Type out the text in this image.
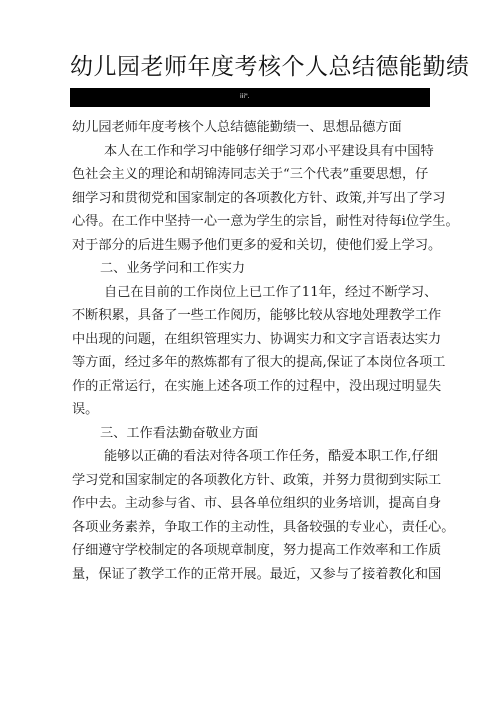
幼儿园老师年度考核个人总结德能勤绩
iii".
幼儿园老师年度考核个人总结德能勤绩一、思想品德方面
本人在工作和学习中能够仔细学习邓小平建设具有中国特
色社会主义的理论和胡锦涛同志关于“三个代表”重要思想，仔
细学习和贯彻党和国家制定的各项教化方针、政策,并写出了学习
心得。在工作中坚持一心一意为学生的宗旨，耐性对待每i位学生。
对于部分的后进生赐予他们更多的爱和关切，使他们爱上学习。
二、业务学问和工作实力
自己在目前的工作岗位上已工作了11年，经过不断学习、
不断积累，具备了一些工作阅历，能够比较从容地处理教学工作
中出现的问题，在组织管理实力、协调实力和文字言语表达实力
等方面，经过多年的熬炼都有了很大的提高,保证了本岗位各项工
作的正常运行，在实施上述各项工作的过程中，没出现过明显失
误。
三、工作看法勤奋敬业方面
能够以正确的看法对待各项工作任务，酷爱本职工作,仔细
学习党和国家制定的各项教化方针、政策，并努力贯彻到实际工
作中去。主动参与省、市、县各单位组织的业务培训，提高自身
各项业务素养，争取工作的主动性，具备较强的专业心，责任心。
仔细遵守学校制定的各项规章制度，努力提高工作效率和工作质
量，保证了教学工作的正常开展。最近，又参与了接着教化和国
